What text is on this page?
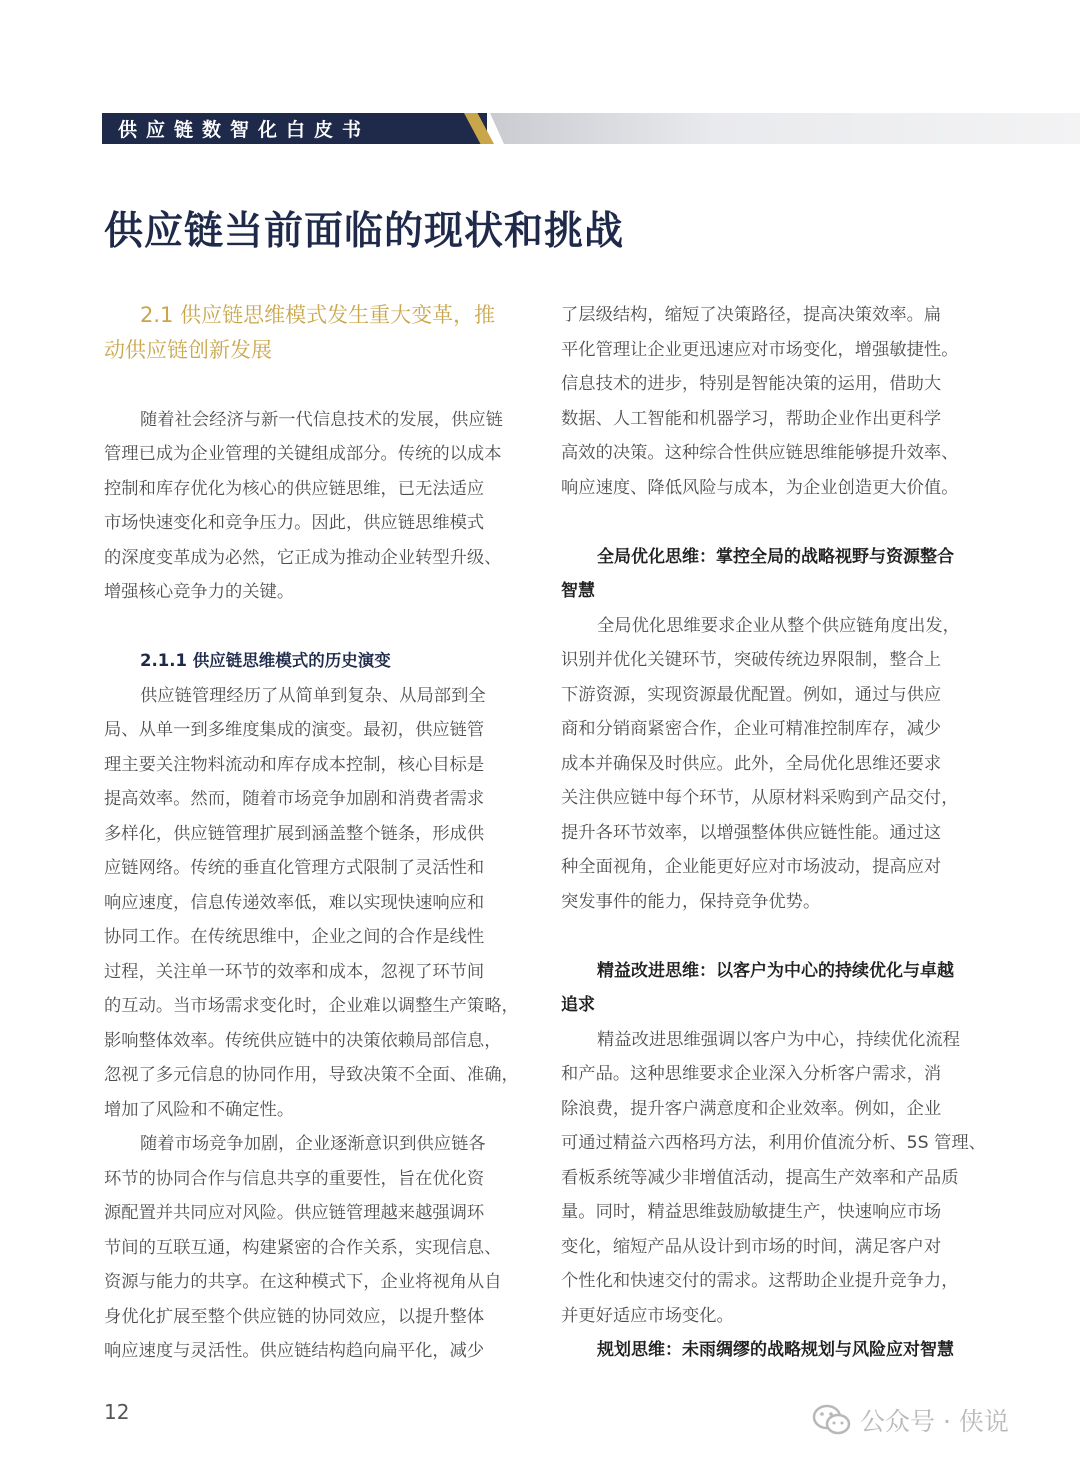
供应链数智化白皮书
供应链当前面临的现状和挑战
2.1 供应链思维模式发生重大变革，推
动供应链创新发展
随着社会经济与新一代信息技术的发展，供应链
管理已成为企业管理的关键组成部分。传统的以成本
控制和库存优化为核心的供应链思维，已无法适应
市场快速变化和竞争压力。因此，供应链思维模式
的深度变革成为必然，它正成为推动企业转型升级、
增强核心竞争力的关键。
2.1.1 供应链思维模式的历史演变
供应链管理经历了从简单到复杂、从局部到全
局、从单一到多维度集成的演变。最初，供应链管
理主要关注物料流动和库存成本控制，核心目标是
提高效率。然而，随着市场竞争加剧和消费者需求
多样化，供应链管理扩展到涵盖整个链条，形成供
应链网络。传统的垂直化管理方式限制了灵活性和
响应速度，信息传递效率低，难以实现快速响应和
协同工作。在传统思维中，企业之间的合作是线性
过程，关注单一环节的效率和成本，忽视了环节间
的互动。当市场需求变化时，企业难以调整生产策略，
影响整体效率。传统供应链中的决策依赖局部信息，
忽视了多元信息的协同作用，导致决策不全面、准确，
增加了风险和不确定性。
随着市场竞争加剧，企业逐渐意识到供应链各
环节的协同合作与信息共享的重要性，旨在优化资
源配置并共同应对风险。供应链管理越来越强调环
节间的互联互通，构建紧密的合作关系，实现信息、
资源与能力的共享。在这种模式下，企业将视角从自
身优化扩展至整个供应链的协同效应，以提升整体
响应速度与灵活性。供应链结构趋向扁平化，减少
了层级结构，缩短了决策路径，提高决策效率。扁
平化管理让企业更迅速应对市场变化，增强敏捷性。
信息技术的进步，特别是智能决策的运用，借助大
数据、人工智能和机器学习，帮助企业作出更科学
高效的决策。这种综合性供应链思维能够提升效率、
响应速度、降低风险与成本，为企业创造更大价值。
全局优化思维：掌控全局的战略视野与资源整合
智慧
全局优化思维要求企业从整个供应链角度出发，
识别并优化关键环节，突破传统边界限制，整合上
下游资源，实现资源最优配置。例如，通过与供应
商和分销商紧密合作，企业可精准控制库存，减少
成本并确保及时供应。此外，全局优化思维还要求
关注供应链中每个环节，从原材料采购到产品交付，
提升各环节效率，以增强整体供应链性能。通过这
种全面视角，企业能更好应对市场波动，提高应对
突发事件的能力，保持竞争优势。
精益改进思维：以客户为中心的持续优化与卓越
追求
精益改进思维强调以客户为中心，持续优化流程
和产品。这种思维要求企业深入分析客户需求，消
除浪费，提升客户满意度和企业效率。例如，企业
可通过精益六西格玛方法，利用价值流分析、5S 管理、
看板系统等减少非增值活动，提高生产效率和产品质
量。同时，精益思维鼓励敏捷生产，快速响应市场
变化，缩短产品从设计到市场的时间，满足客户对
个性化和快速交付的需求。这帮助企业提升竞争力，
并更好适应市场变化。
规划思维：未雨绸缪的战略规划与风险应对智慧
12	公众号 · 侠说
